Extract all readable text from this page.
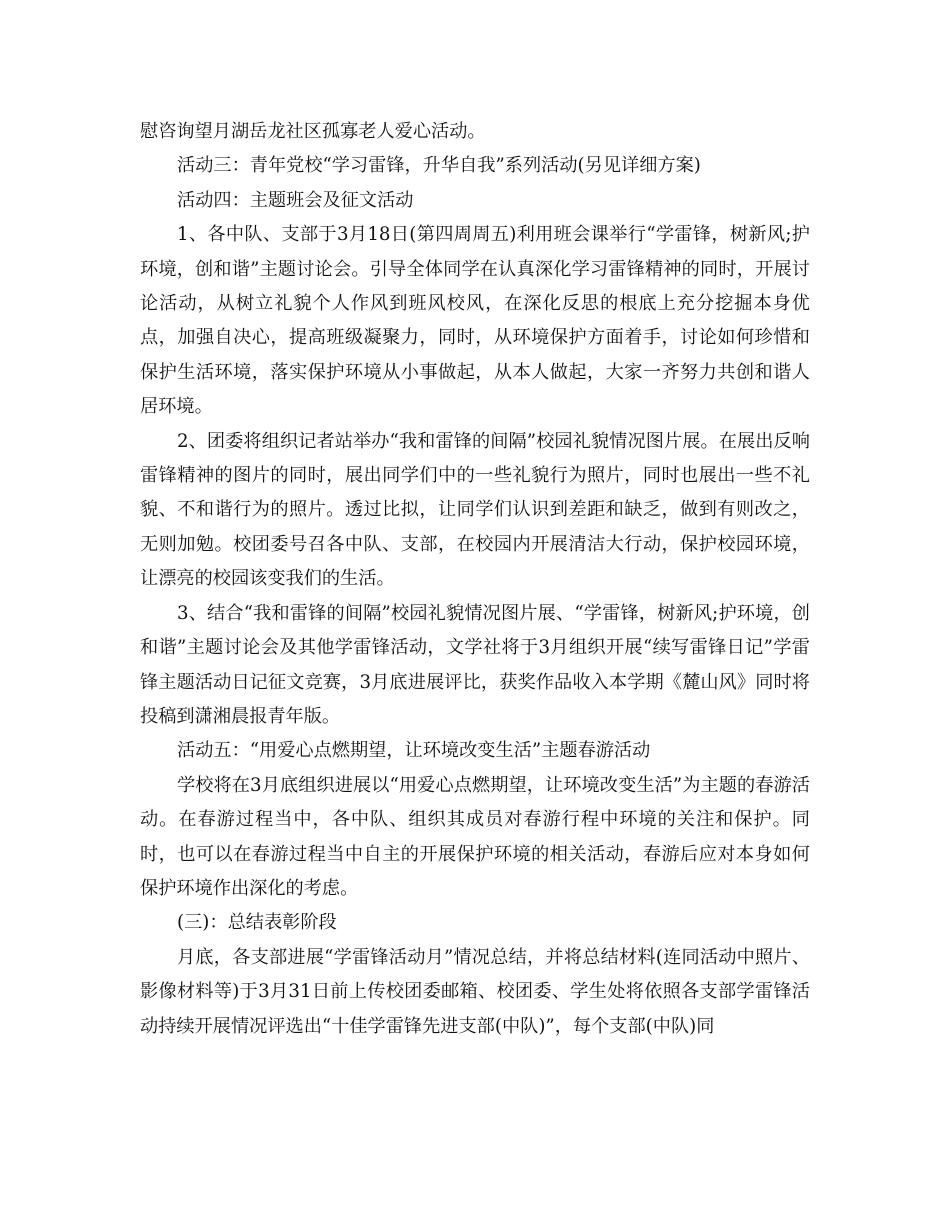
慰咨询望月湖岳龙社区孤寡老人爱心活动。

活动三：青年党校“学习雷锋，升华自我”系列活动(另见详细方案)

活动四：主题班会及征文活动

1、各中队、支部于3月18日(第四周周五)利用班会课举行“学雷锋，树新风;护环境，创和谐”主题讨论会。引导全体同学在认真深化学习雷锋精神的同时，开展讨论活动，从树立礼貌个人作风到班风校风，在深化反思的根底上充分挖掘本身优点，加强自决心，提高班级凝聚力，同时，从环境保护方面着手，讨论如何珍惜和保护生活环境，落实保护环境从小事做起，从本人做起，大家一齐努力共创和谐人居环境。

2、团委将组织记者站举办“我和雷锋的间隔”校园礼貌情况图片展。在展出反响雷锋精神的图片的同时，展出同学们中的一些礼貌行为照片，同时也展出一些不礼貌、不和谐行为的照片。透过比拟，让同学们认识到差距和缺乏，做到有则改之，无则加勉。校团委号召各中队、支部，在校园内开展清洁大行动，保护校园环境，让漂亮的校园该变我们的生活。

3、结合“我和雷锋的间隔”校园礼貌情况图片展、“学雷锋，树新风;护环境，创和谐”主题讨论会及其他学雷锋活动，文学社将于3月组织开展“续写雷锋日记”学雷锋主题活动日记征文竞赛，3月底进展评比，获奖作品收入本学期《麓山风》同时将投稿到潇湘晨报青年版。

活动五：“用爱心点燃期望，让环境改变生活”主题春游活动

学校将在3月底组织进展以“用爱心点燃期望，让环境改变生活”为主题的春游活动。在春游过程当中，各中队、组织其成员对春游行程中环境的关注和保护。同时，也可以在春游过程当中自主的开展保护环境的相关活动，春游后应对本身如何保护环境作出深化的考虑。

(三)：总结表彰阶段

月底，各支部进展“学雷锋活动月”情况总结，并将总结材料(连同活动中照片、影像材料等)于3月31日前上传校团委邮箱、校团委、学生处将依照各支部学雷锋活动持续开展情况评选出“十佳学雷锋先进支部(中队)”，每个支部(中队)同
